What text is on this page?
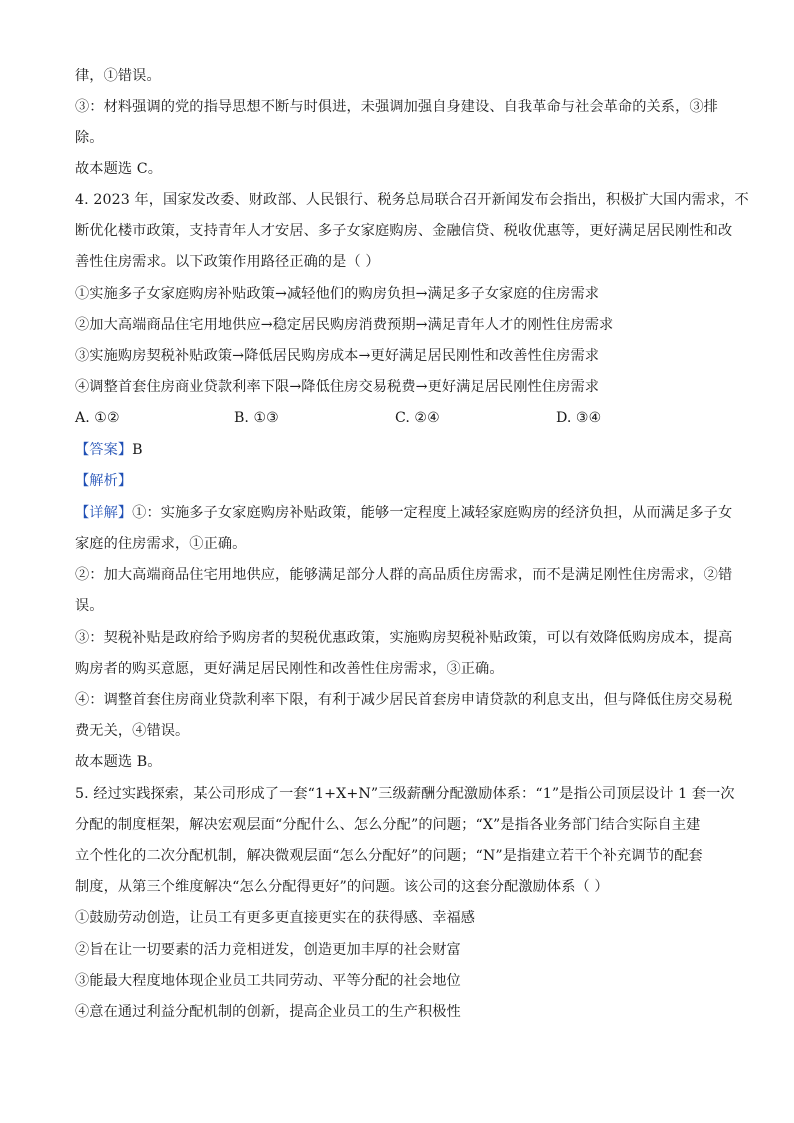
律，①错误。
③：材料强调的党的指导思想不断与时俱进，未强调加强自身建设、自我革命与社会革命的关系，③排
除。
故本题选 C。
4. 2023 年，国家发改委、财政部、人民银行、税务总局联合召开新闻发布会指出，积极扩大国内需求，不
断优化楼市政策，支持青年人才安居、多子女家庭购房、金融信贷、税收优惠等，更好满足居民刚性和改
善性住房需求。以下政策作用路径正确的是（ ）
①实施多子女家庭购房补贴政策→减轻他们的购房负担→满足多子女家庭的住房需求
②加大高端商品住宅用地供应→稳定居民购房消费预期→满足青年人才的刚性住房需求
③实施购房契税补贴政策→降低居民购房成本→更好满足居民刚性和改善性住房需求
④调整首套住房商业贷款利率下限→降低住房交易税费→更好满足居民刚性住房需求
A. ①②	B. ①③	C. ②④	D. ③④
【答案】B
【解析】
【详解】①：实施多子女家庭购房补贴政策，能够一定程度上减轻家庭购房的经济负担，从而满足多子女
家庭的住房需求，①正确。
②：加大高端商品住宅用地供应，能够满足部分人群的高品质住房需求，而不是满足刚性住房需求，②错
误。
③：契税补贴是政府给予购房者的契税优惠政策，实施购房契税补贴政策，可以有效降低购房成本，提高
购房者的购买意愿，更好满足居民刚性和改善性住房需求，③正确。
④：调整首套住房商业贷款利率下限，有利于减少居民首套房申请贷款的利息支出，但与降低住房交易税
费无关，④错误。
故本题选 B。
5. 经过实践探索，某公司形成了一套“1+X+N”三级薪酬分配激励体系：“1”是指公司顶层设计 1 套一次
分配的制度框架，解决宏观层面“分配什么、怎么分配”的问题；“X”是指各业务部门结合实际自主建
立个性化的二次分配机制，解决微观层面“怎么分配好”的问题；“N”是指建立若干个补充调节的配套
制度，从第三个维度解决“怎么分配得更好”的问题。该公司的这套分配激励体系（ ）
①鼓励劳动创造，让员工有更多更直接更实在的获得感、幸福感
②旨在让一切要素的活力竞相迸发，创造更加丰厚的社会财富
③能最大程度地体现企业员工共同劳动、平等分配的社会地位
④意在通过利益分配机制的创新，提高企业员工的生产积极性
